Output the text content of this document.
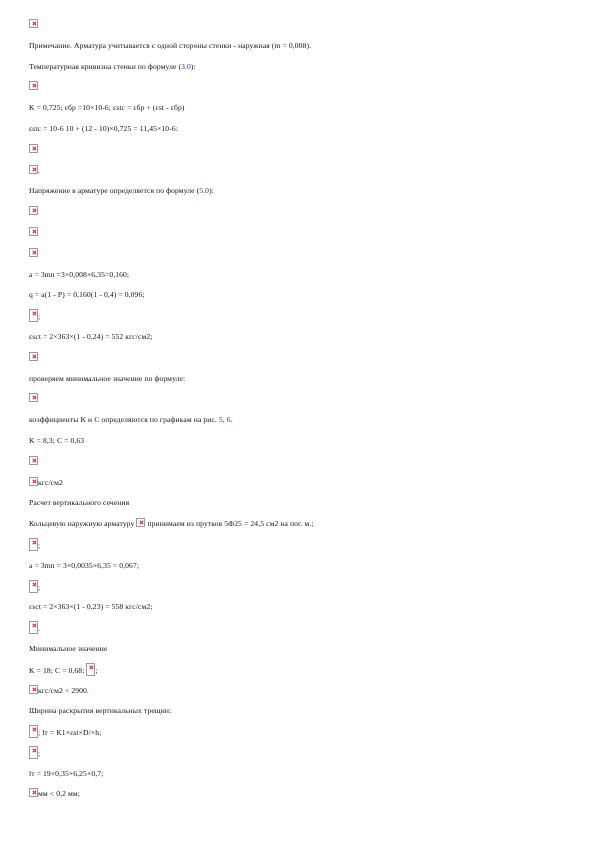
Примечание. Арматура учитывается с одной стороны стенки - наружная (m = 0,008).
Температурная кривизна стенки по формуле (3.0):
K = 0,725; εбр =10×10-6; εstc = εбр + (εst - εбр)
εstc = 10-6 10 + (12 - 10)×0,725 = 11,45×10-6:
.
Напряжение в арматуре определяется по формуле (5.0):
a = 3mn =3×0,008×6,35=0,160;
q = a(1 - P) = 0,160(1 - 0,4) = 0,096;
;
εsct = 2×363×(1 - 0,24) = 552 кгс/см2;
проверяем минимальное значение по формуле:
коэффициенты K и C определяются по графикам на рис. 5, 6.
K = 8,3; C = 0,63
кгс/см2
Расчет вертикального сечения
Кольцевую наружную арматуру  принимаем из прутков 5Ф25 = 24,5 см2 на пог. м.;
;
a = 3mn = 3×0,0035×6,35 = 0,067;
;
εsct = 2×363×(1 - 0,23) = 558 кгс/см2;
.
Минимальное значение
K = 18; C = 0,68; ;
кгс/см2 < 2900.
Ширина раскрытия вертикальных трещин:
; lт = K1×εst×D/×h;
;
lт = 19×0,35×6,25×0,7;
мм < 0,2 мм;
